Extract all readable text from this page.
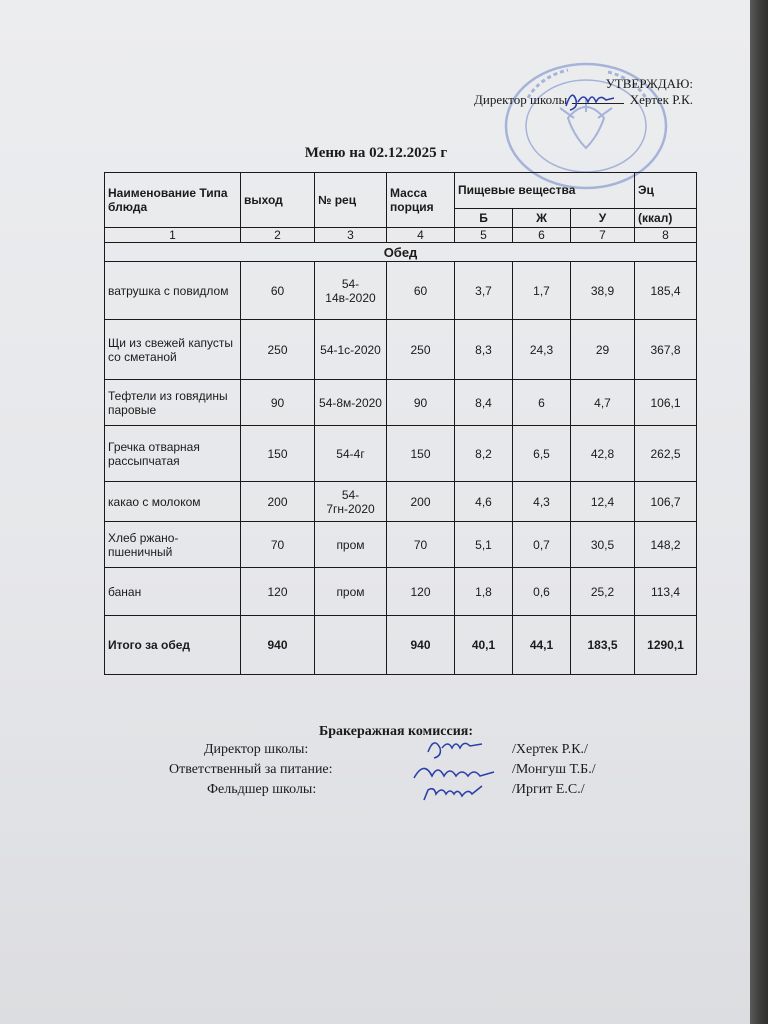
УТВЕРЖДАЮ:
Директор школы	Хертек Р.К.
Меню на 02.12.2025 г
Наименование Типа блюда	выход	№ рец	Масса порция	Пищевые вещества			Эц
				Б	Ж	У	(ккал)
1	2	3	4	5	6	7	8
Обед							
ватрушка с повидлом	60	54-14в-2020	60	3,7	1,7	38,9	185,4
Щи из свежей капусты со сметаной	250	54-1с-2020	250	8,3	24,3	29	367,8
Тефтели из говядины паровые	90	54-8м-2020	90	8,4	6	4,7	106,1
Гречка отварная рассыпчатая	150	54-4г	150	8,2	6,5	42,8	262,5
какао с молоком	200	54-7гн-2020	200	4,6	4,3	12,4	106,7
Хлеб ржано-пшеничный	70	пром	70	5,1	0,7	30,5	148,2
банан	120	пром	120	1,8	0,6	25,2	113,4
Итого за обед	940		940	40,1	44,1	183,5	1290,1
Бракеражная комиссия:
Директор школы:	/Хертек Р.К./
Ответственный за питание:	/Монгуш Т.Б./
Фельдшер школы:	/Иргит Е.С./
